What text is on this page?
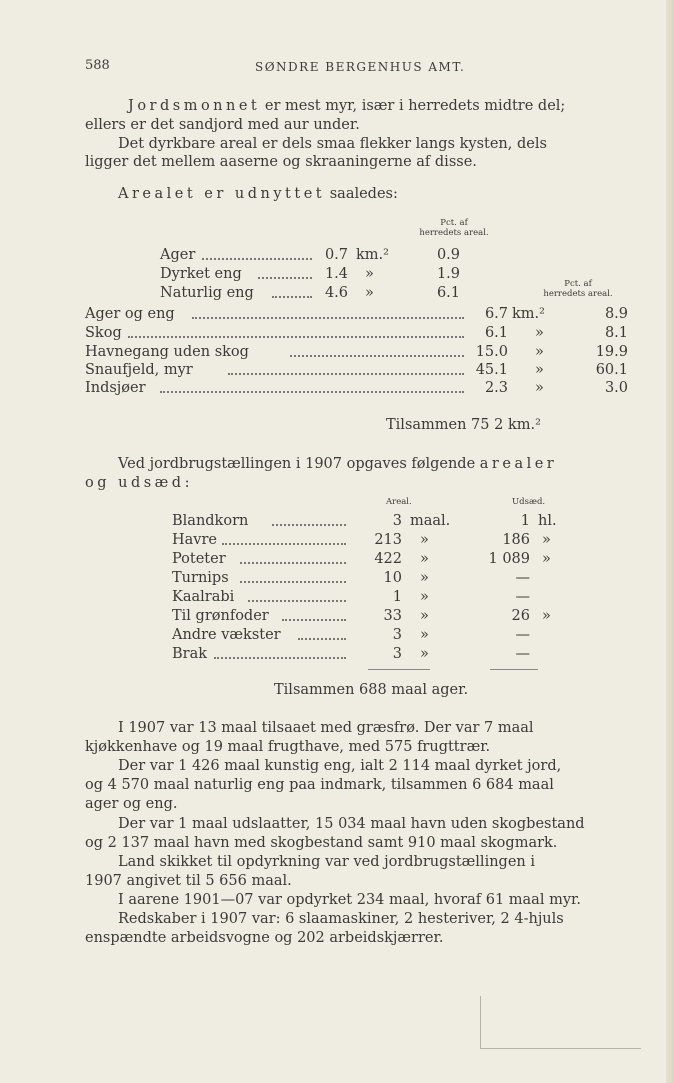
588	SØNDRE BERGENHUS AMT.
Jordsmonnet er mest myr, især i herredets midtre del;
ellers er det sandjord med aur under.
Det dyrkbare areal er dels smaa flekker langs kysten, dels
ligger det mellem aaserne og skraaningerne af disse.
Arealet er udnyttet saaledes:
Pct. af
herredets areal.
Pct. af
herredets areal.
Ager	0.7 km.²	0.9
Dyrket eng	1.4 »	1.9
Naturlig eng	4.6 »	6.1
Ager og eng	6.7 km.²	8.9
Skog	6.1 »	8.1
Havnegang uden skog	15.0 »	19.9
Snaufjeld, myr	45.1 »	60.1
Indsjøer	2.3 »	3.0
Tilsammen 75 2 km.²
Ved jordbrugstællingen i 1907 opgaves følgende arealer
og udsæd:
Areal.	Udsæd.
Blandkorn	3 maal.	1 hl.
Havre	213 »	186 »
Poteter	422 »	1 089 »
Turnips	10 »	—
Kaalrabi	1 »	—
Til grønfoder	33 »	26 »
Andre vækster	3 »	—
Brak	3 »	—
Tilsammen 688 maal ager.
I 1907 var 13 maal tilsaaet med græsfrø. Der var 7 maal
kjøkkenhave og 19 maal frugthave, med 575 frugttrær.
Der var 1 426 maal kunstig eng, ialt 2 114 maal dyrket jord,
og 4 570 maal naturlig eng paa indmark, tilsammen 6 684 maal
ager og eng.
Der var 1 maal udslaatter, 15 034 maal havn uden skogbestand
og 2 137 maal havn med skogbestand samt 910 maal skogmark.
Land skikket til opdyrkning var ved jordbrugstællingen i
1907 angivet til 5 656 maal.
I aarene 1901—07 var opdyrket 234 maal, hvoraf 61 maal myr.
Redskaber i 1907 var: 6 slaamaskiner, 2 hesteriver, 2 4-hjuls
enspændte arbeidsvogne og 202 arbeidskjærrer.
